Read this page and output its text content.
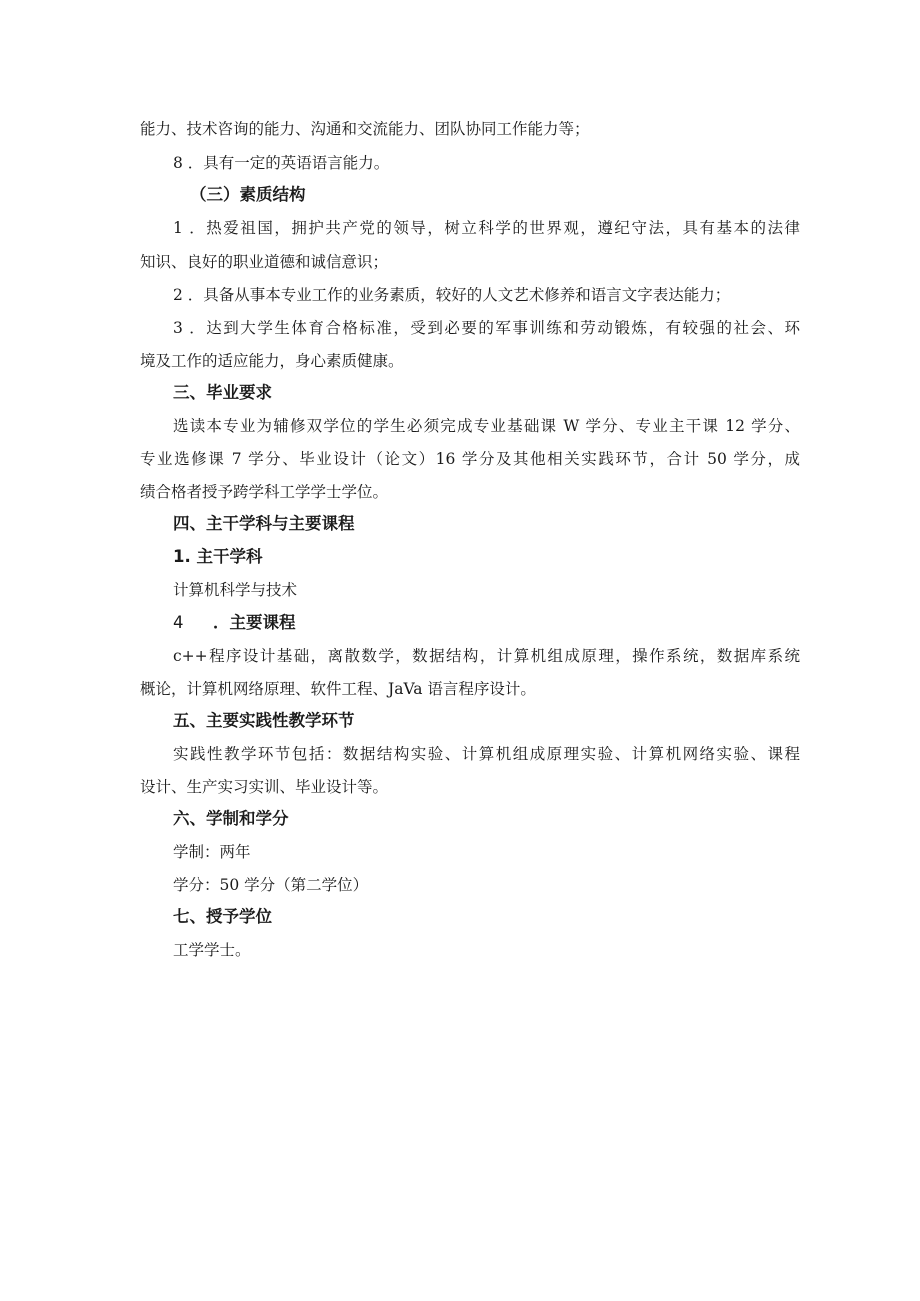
能力、技术咨询的能力、沟通和交流能力、团队协同工作能力等；
8 ．具有一定的英语语言能力。
（三）素质结构
1 ．热爱祖国，拥护共产党的领导，树立科学的世界观，遵纪守法，具有基本的法律
知识、良好的职业道德和诚信意识；
2 ．具备从事本专业工作的业务素质，较好的人文艺术修养和语言文字表达能力；
3 ．达到大学生体育合格标准，受到必要的军事训练和劳动锻炼，有较强的社会、环
境及工作的适应能力，身心素质健康。
三、毕业要求
选读本专业为辅修双学位的学生必须完成专业基础课 W 学分、专业主干课 12 学分、
专业选修课 7 学分、毕业设计（论文）16 学分及其他相关实践环节，合计 50 学分，成
绩合格者授予跨学科工学学士学位。
四、主干学科与主要课程
1. 主干学科
计算机科学与技术
4 ．主要课程
c++程序设计基础，离散数学，数据结构，计算机组成原理，操作系统，数据库系统
概论，计算机网络原理、软件工程、JaVa 语言程序设计。
五、主要实践性教学环节
实践性教学环节包括：数据结构实验、计算机组成原理实验、计算机网络实验、课程
设计、生产实习实训、毕业设计等。
六、学制和学分
学制：两年
学分：50 学分（第二学位）
七、授予学位
工学学士。
